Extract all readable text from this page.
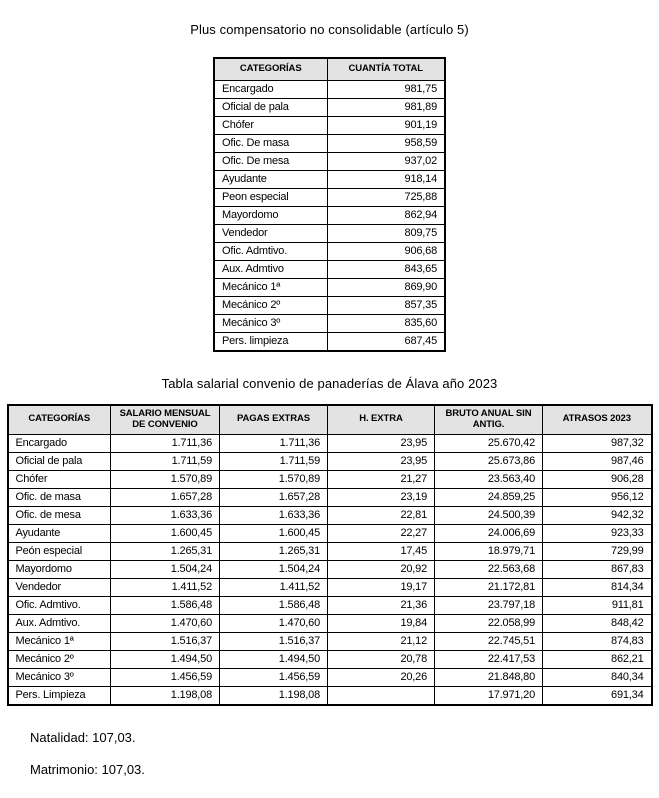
Plus compensatorio no consolidable (artículo 5)
CATEGORÍAS	CUANTÍA TOTAL
Encargado	981,75
Oficial de pala	981,89
Chófer	901,19
Ofic. De masa	958,59
Ofic. De mesa	937,02
Ayudante	918,14
Peon especial	725,88
Mayordomo	862,94
Vendedor	809,75
Ofic. Admtivo.	906,68
Aux. Admtivo	843,65
Mecánico 1ª	869,90
Mecánico 2º	857,35
Mecánico 3º	835,60
Pers. limpieza	687,45
Tabla salarial convenio de panaderías de Álava año 2023
CATEGORÍAS	SALARIO MENSUAL DE CONVENIO	PAGAS EXTRAS	H. EXTRA	BRUTO ANUAL SIN ANTIG.	ATRASOS 2023
Encargado	1.711,36	1.711,36	23,95	25.670,42	987,32
Oficial de pala	1.711,59	1.711,59	23,95	25.673,86	987,46
Chófer	1.570,89	1.570,89	21,27	23.563,40	906,28
Ofic. de masa	1.657,28	1.657,28	23,19	24.859,25	956,12
Ofic. de mesa	1.633,36	1.633,36	22,81	24.500,39	942,32
Ayudante	1.600,45	1.600,45	22,27	24.006,69	923,33
Peón especial	1.265,31	1.265,31	17,45	18.979,71	729,99
Mayordomo	1.504,24	1.504,24	20,92	22.563,68	867,83
Vendedor	1.411,52	1.411,52	19,17	21.172,81	814,34
Ofic. Admtivo.	1.586,48	1.586,48	21,36	23.797,18	911,81
Aux. Admtivo.	1.470,60	1.470,60	19,84	22.058,99	848,42
Mecánico 1ª	1.516,37	1.516,37	21,12	22.745,51	874,83
Mecánico 2º	1.494,50	1.494,50	20,78	22.417,53	862,21
Mecánico 3º	1.456,59	1.456,59	20,26	21.848,80	840,34
Pers. Limpieza	1.198,08	1.198,08		17.971,20	691,34

Natalidad: 107,03.

Matrimonio: 107,03.
